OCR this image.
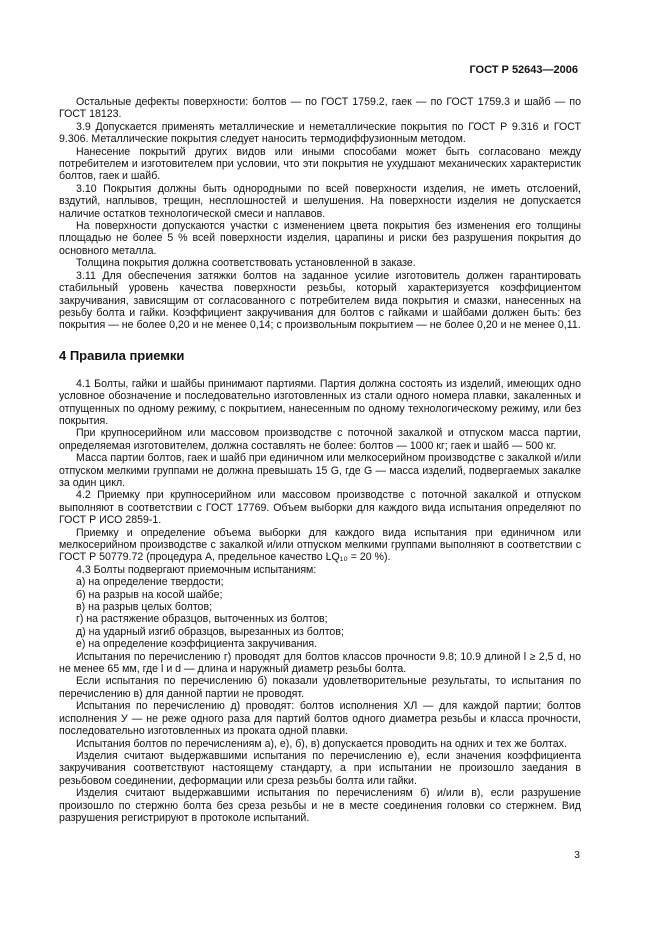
ГОСТ Р 52643—2006

Остальные дефекты поверхности: болтов — по ГОСТ 1759.2, гаек — по ГОСТ 1759.3 и шайб — по ГОСТ 18123.

3.9 Допускается применять металлические и неметаллические покрытия по ГОСТ Р 9.316 и ГОСТ 9.306. Металлические покрытия следует наносить термодиффузионным методом.

Нанесение покрытий других видов или иными способами может быть согласовано между потребителем и изготовителем при условии, что эти покрытия не ухудшают механических характеристик болтов, гаек и шайб.

3.10 Покрытия должны быть однородными по всей поверхности изделия, не иметь отслоений, вздутий, наплывов, трещин, несплошностей и шелушения. На поверхности изделия не допускается наличие остатков технологической смеси и наплавов.

На поверхности допускаются участки с изменением цвета покрытия без изменения его толщины площадью не более 5 % всей поверхности изделия, царапины и риски без разрушения покрытия до основного металла.

Толщина покрытия должна соответствовать установленной в заказе.

3.11 Для обеспечения затяжки болтов на заданное усилие изготовитель должен гарантировать стабильный уровень качества поверхности резьбы, который характеризуется коэффициентом закручивания, зависящим от согласованного с потребителем вида покрытия и смазки, нанесенных на резьбу болта и гайки. Коэффициент закручивания для болтов с гайками и шайбами должен быть: без покрытия — не более 0,20 и не менее 0,14; с произвольным покрытием — не более 0,20 и не менее 0,11.

4 Правила приемки

4.1 Болты, гайки и шайбы принимают партиями. Партия должна состоять из изделий, имеющих одно условное обозначение и последовательно изготовленных из стали одного номера плавки, закаленных и отпущенных по одному режиму, с покрытием, нанесенным по одному технологическому режиму, или без покрытия.

При крупносерийном или массовом производстве с поточной закалкой и отпуском масса партии, определяемая изготовителем, должна составлять не более: болтов — 1000 кг; гаек и шайб — 500 кг.

Масса партии болтов, гаек и шайб при единичном или мелкосерийном производстве с закалкой и/или отпуском мелкими группами не должна превышать 15 G, где G — масса изделий, подвергаемых закалке за один цикл.

4.2 Приемку при крупносерийном или массовом производстве с поточной закалкой и отпуском выполняют в соответствии с ГОСТ 17769. Объем выборки для каждого вида испытания определяют по ГОСТ Р ИСО 2859-1.

Приемку и определение объема выборки для каждого вида испытания при единичном или мелкосерийном производстве с закалкой и/или отпуском мелкими группами выполняют в соответствии с ГОСТ Р 50779.72 (процедура А, предельное качество LQ₁₀ = 20 %).

4.3 Болты подвергают приемочным испытаниям:

а) на определение твердости;

б) на разрыв на косой шайбе;

в) на разрыв целых болтов;

г) на растяжение образцов, выточенных из болтов;

д) на ударный изгиб образцов, вырезанных из болтов;

е) на определение коэффициента закручивания.

Испытания по перечислению г) проводят для болтов классов прочности 9.8; 10.9 длиной l ≥ 2,5 d, но не менее 65 мм, где l и d — длина и наружный диаметр резьбы болта.

Если испытания по перечислению б) показали удовлетворительные результаты, то испытания по перечислению в) для данной партии не проводят.

Испытания по перечислению д) проводят: болтов исполнения ХЛ — для каждой партии; болтов исполнения У — не реже одного раза для партий болтов одного диаметра резьбы и класса прочности, последовательно изготовленных из проката одной плавки.

Испытания болтов по перечислениям а), е), б), в) допускается проводить на одних и тех же болтах.

Изделия считают выдержавшими испытания по перечислению е), если значения коэффициента закручивания соответствуют настоящему стандарту, а при испытании не произошло заедания в резьбовом соединении, деформации или среза резьбы болта или гайки.

Изделия считают выдержавшими испытания по перечислениям б) и/или в), если разрушение произошло по стержню болта без среза резьбы и не в месте соединения головки со стержнем. Вид разрушения регистрируют в протоколе испытаний.

3
